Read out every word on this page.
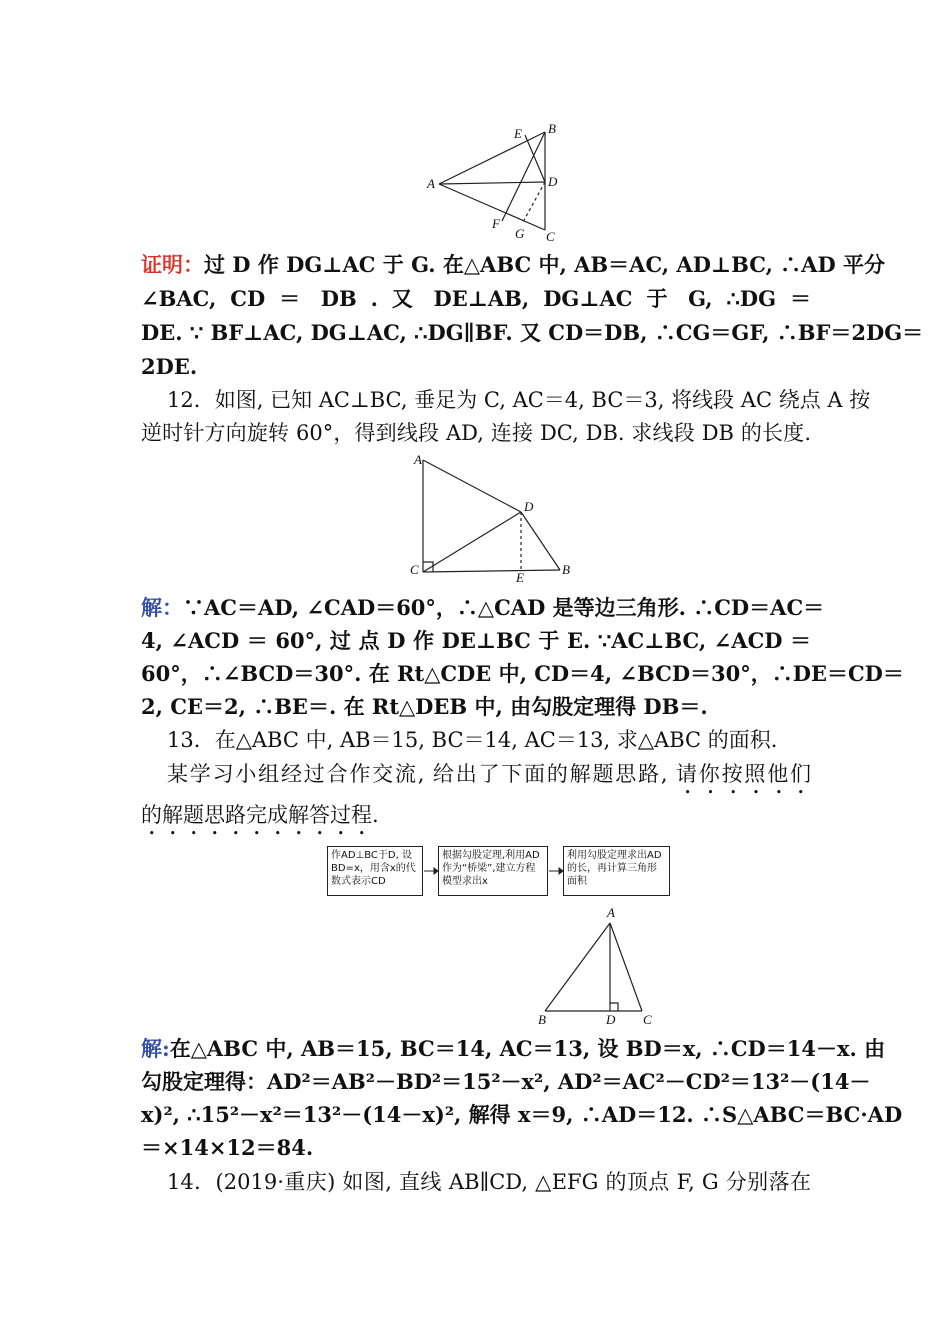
E B
A	D
F
G C
证明：过 D 作 DG⊥AC 于 G. 在△ABC 中, AB＝AC, AD⊥BC, ∴AD 平分
∠BAC, CD ＝ DB . 又 DE⊥AB, DG⊥AC 于 G, ∴DG ＝
DE. ∵ BF⊥AC, DG⊥AC, ∴DG∥BF. 又 CD＝DB, ∴CG＝GF, ∴BF＝2DG＝
2DE.
12．如图, 已知 AC⊥BC, 垂足为 C, AC＝4, BC＝3, 将线段 AC 绕点 A 按
逆时针方向旋转 60°，得到线段 AD, 连接 DC, DB. 求线段 DB 的长度.
A
D
C
E
B
解：∵AC＝AD, ∠CAD＝60°，∴△CAD 是等边三角形. ∴CD＝AC＝
4, ∠ACD ＝ 60°, 过 点 D 作 DE⊥BC 于 E. ∵AC⊥BC, ∠ACD ＝
60°，∴∠BCD＝30°. 在 Rt△CDE 中, CD＝4, ∠BCD＝30°，∴DE＝CD＝
2, CE＝2, ∴BE＝. 在 Rt△DEB 中, 由勾股定理得 DB＝.
13．在△ABC 中, AB＝15, BC＝14, AC＝13, 求△ABC 的面积.
某学习小组经过合作交流, 给出了下面的解题思路, 请你按照他们
的解题思路完成解答过程.
作AD⊥BC于D, 设BD=x，用含x的代数式表示CD
根据勾股定理,利用AD作为“桥梁”,建立方程模型求出x
利用勾股定理求出AD的长，再计算三角形面积
A
B	D C
解:在△ABC 中, AB＝15, BC＝14, AC＝13, 设 BD＝x, ∴CD＝14－x. 由
勾股定理得：AD²＝AB²－BD²＝15²－x², AD²＝AC²－CD²＝13²－(14－
x)², ∴15²－x²＝13²－(14－x)², 解得 x＝9, ∴AD＝12. ∴S△ABC＝BC·AD
＝×14×12＝84.
14．(2019·重庆) 如图, 直线 AB∥CD, △EFG 的顶点 F, G 分别落在
